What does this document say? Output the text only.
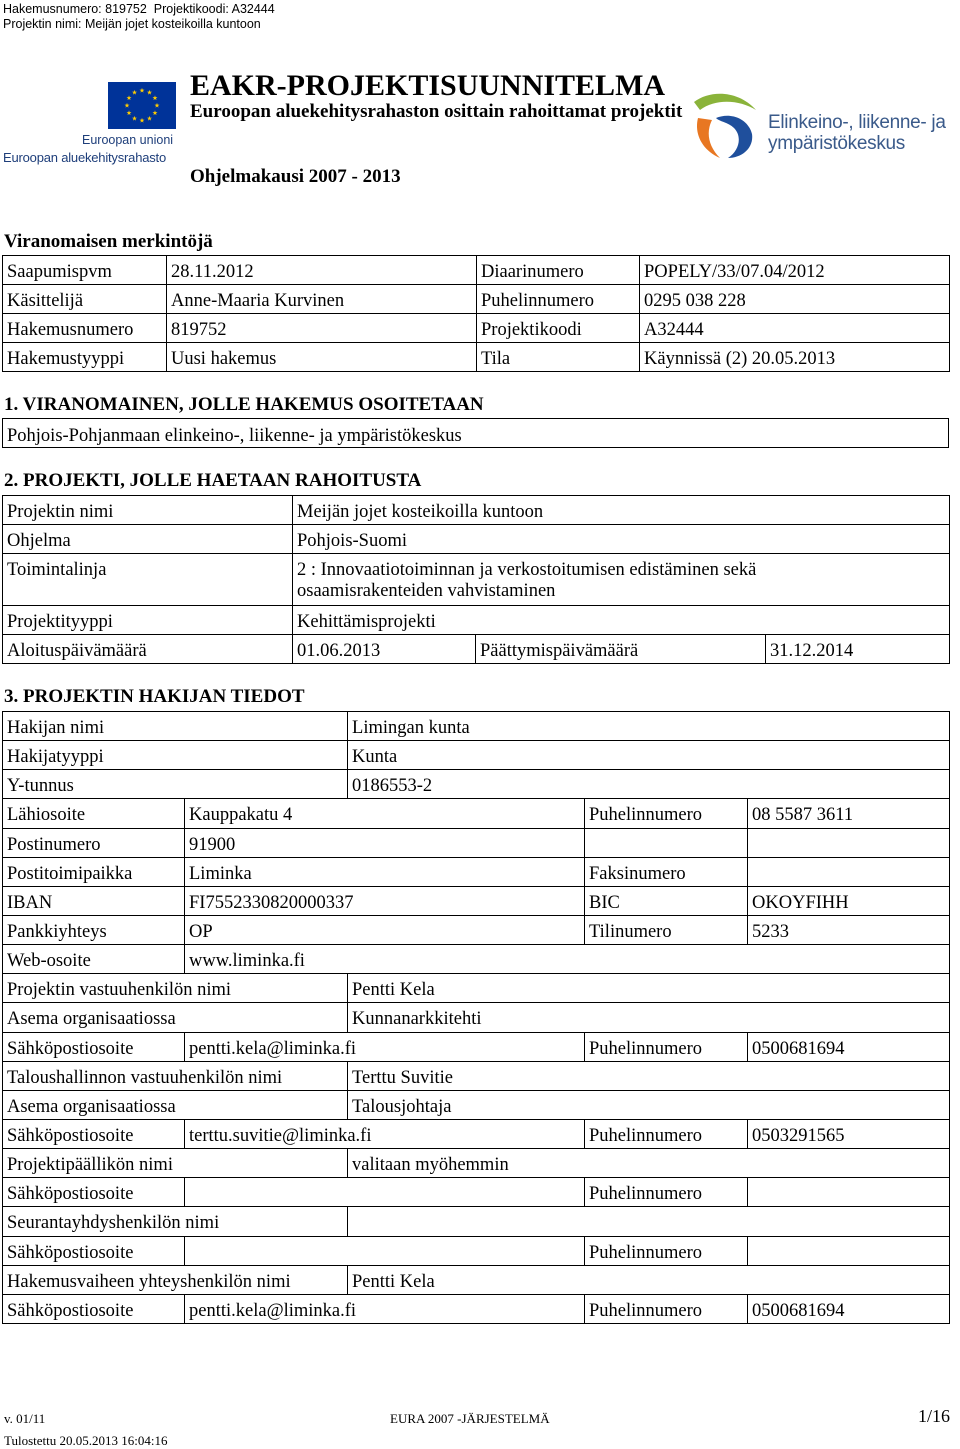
Hakemusnumero: 819752  Projektikoodi: A32444
Projektin nimi: Meijän jojet kosteikoilla kuntoon
Euroopan unioni
Euroopan aluekehitysrahasto
EAKR-PROJEKTISUUNNITELMA
Euroopan aluekehitysrahaston osittain rahoittamat projektit
Ohjelmakausi 2007 - 2013
Elinkeino-, liikenne- ja
ympäristökeskus
Viranomaisen merkintöjä
Saapumispvm	28.11.2012	Diaarinumero	POPELY/33/07.04/2012
Käsittelijä	Anne-Maaria Kurvinen	Puhelinnumero	0295 038 228
Hakemusnumero	819752	Projektikoodi	A32444
Hakemustyyppi	Uusi hakemus	Tila	Käynnissä (2) 20.05.2013
1. VIRANOMAINEN, JOLLE HAKEMUS OSOITETAAN
Pohjois-Pohjanmaan elinkeino-, liikenne- ja ympäristökeskus
2. PROJEKTI, JOLLE HAETAAN RAHOITUSTA
Projektin nimi	Meijän jojet kosteikoilla kuntoon
Ohjelma	Pohjois-Suomi
Toimintalinja	2 : Innovaatiotoiminnan ja verkostoitumisen edistäminen sekä
osaamisrakenteiden vahvistaminen

Projektityyppi	Kehittämisprojekti
Aloituspäivämäärä	01.06.2013	Päättymispäivämäärä	31.12.2014
3. PROJEKTIN HAKIJAN TIEDOT
Hakijan nimi		Limingan kunta		
Hakijatyyppi		Kunta		
Y-tunnus		0186553-2		
Lähiosoite	Kauppakatu 4		Puhelinnumero	08 5587 3611
Postinumero	91900			
Postitoimipaikka	Liminka		Faksinumero	
IBAN	FI7552330820000337		BIC	OKOYFIHH
Pankkiyhteys	OP		Tilinumero	5233
Web-osoite	www.liminka.fi			
Projektin vastuuhenkilön nimi		Pentti Kela		
Asema organisaatiossa		Kunnanarkkitehti		
Sähköpostiosoite	pentti.kela@liminka.fi		Puhelinnumero	0500681694
Taloushallinnon vastuuhenkilön nimi		Terttu Suvitie		
Asema organisaatiossa		Talousjohtaja		
Sähköpostiosoite	terttu.suvitie@liminka.fi		Puhelinnumero	0503291565
Projektipäällikön nimi		valitaan myöhemmin		
Sähköpostiosoite			Puhelinnumero	
Seurantayhdyshenkilön nimi				
Sähköpostiosoite			Puhelinnumero	
Hakemusvaiheen yhteyshenkilön nimi		Pentti Kela		
Sähköpostiosoite	pentti.kela@liminka.fi		Puhelinnumero	0500681694
v. 01/11	EURA 2007 -JÄRJESTELMÄ	1/16
Tulostettu 20.05.2013 16:04:16
